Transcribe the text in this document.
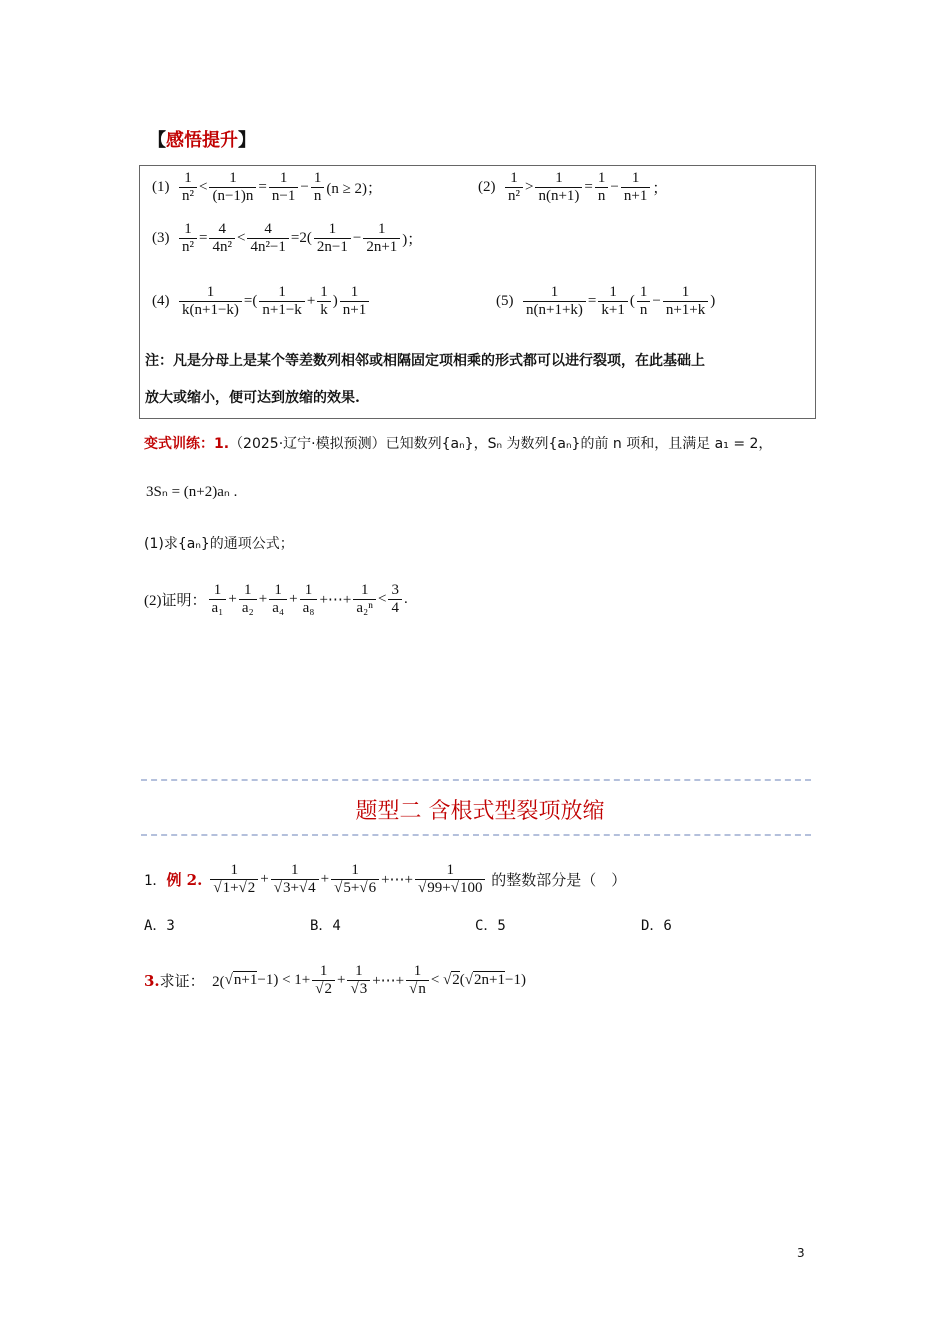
【感悟提升】
$(1) \frac{1}{\text{n²}} < \frac{1}{(n-1)n} = \frac{1}{n-1} - \frac{1}{n} (n \ge 2)$；	$(2) \frac{1}{\text{n²}} > \frac{1}{n(n+1)} = \frac{1}{n} - \frac{1}{n+1}$ ；
$(3) \frac{1}{\text{n²}} = \frac{4}{\text{4n²}} < \frac{4}{\text{4n²−1}} =2( \frac{1}{2n-1} - \frac{1}{2n+1}$ )；
$(4) \frac{1}{k(n+1-k)}$ =( $\frac{1}{n+1-k} + \frac{1}{k}$ ) $\frac{1}{n+1}$	$(5) \frac{1}{n(n+1+k)} = \frac{1}{k+1}$ ( $\frac{1}{n} - \frac{1}{n+1+k}$ )
注：凡是分母上是某个等差数列相邻或相隔固定项相乘的形式都可以进行裂项，在此基础上
放大或缩小，便可达到放缩的效果.
变式训练：1. （2025·辽宁·模拟预测）已知数列{aₙ}，Sₙ 为数列{aₙ}的前 n 项和，且满足 a₁ = 2，
3Sₙ = (n+2)aₙ .
(1)求{aₙ}的通项公式；
(2)证明： $\frac{1}{\text{a₁}} + \frac{1}{\text{a₂}} + \frac{1}{\text{a₄}} + \frac{1}{\text{a₈}}$ +⋯+ $\frac{1}{\text{a₂ⁿ}} < \frac{3}{4}$ .
题型二 含根式型裂项放缩
1． 例 2. $\frac{1}{√1+√2} + \frac{1}{√3+√4} + \frac{1}{√5+√6}$ +⋯+ $\frac{1}{√99+√100}$ 的整数部分是（    ）
A．3	B．4	C．5	D．6
3. 求证：  2( $√n+1 -1) < 1+ \frac{1}{√2} + \frac{1}{√3}$ +⋯+ $\frac{1}{√n} < √2$ ( √2n+1 −1)
3
